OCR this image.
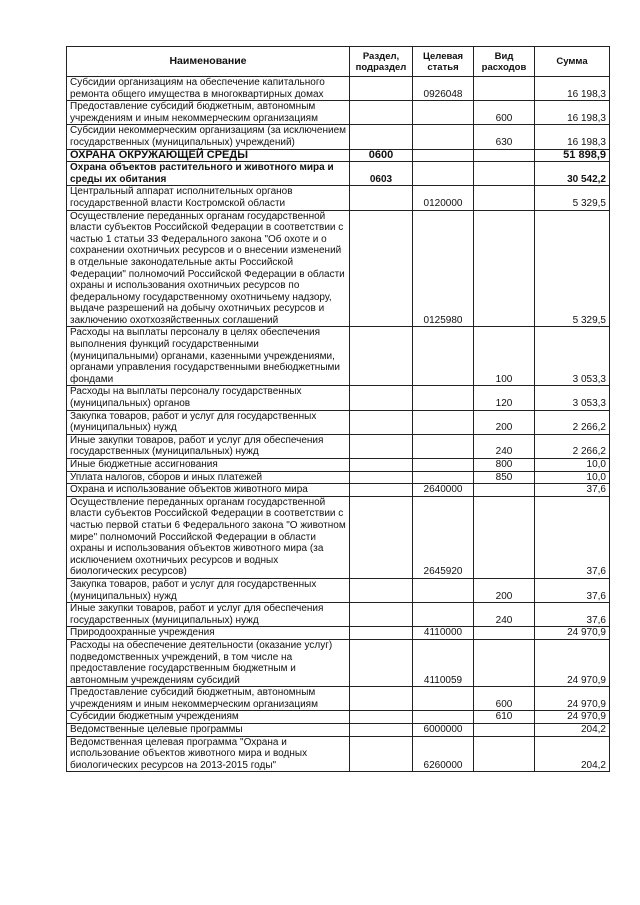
Наименование	Раздел, подраздел	Целевая статья	Вид расходов	Сумма
Субсидии организациям на обеспечение капитального ремонта общего имущества в многоквартирных домах		0926048		16 198,3
Предоставление субсидий бюджетным, автономным учреждениям и иным некоммерческим организациям			600	16 198,3
Субсидии некоммерческим организациям (за исключением государственных (муниципальных) учреждений)			630	16 198,3
ОХРАНА ОКРУЖАЮЩЕЙ СРЕДЫ	0600			51 898,9
Охрана объектов растительного и животного мира и среды их обитания	0603			30 542,2
Центральный аппарат исполнительных органов государственной власти Костромской области		0120000		5 329,5
Осуществление переданных органам государственной власти субъектов Российской Федерации в соответствии с частью 1 статьи 33 Федерального закона "Об охоте и о сохранении охотничьих ресурсов и о внесении изменений в отдельные законодательные акты Российской Федерации" полномочий Российской Федерации в области охраны и использования охотничьих ресурсов по федеральному государственному охотничьему надзору, выдаче разрешений на добычу охотничьих ресурсов и заключению охотхозяйственных соглашений		0125980		5 329,5
Расходы на выплаты персоналу в целях обеспечения выполнения функций государственными (муниципальными) органами, казенными учреждениями, органами управления государственными внебюджетными фондами			100	3 053,3
Расходы на выплаты персоналу государственных (муниципальных) органов			120	3 053,3
Закупка товаров, работ и услуг для государственных (муниципальных) нужд			200	2 266,2
Иные закупки товаров, работ и услуг для обеспечения государственных (муниципальных) нужд			240	2 266,2
Иные бюджетные ассигнования			800	10,0
Уплата налогов, сборов и иных платежей			850	10,0
Охрана и использование объектов животного мира		2640000		37,6
Осуществление переданных органам государственной власти субъектов Российской Федерации в соответствии с частью первой статьи 6 Федерального закона "О животном мире" полномочий Российской Федерации в области охраны и использования объектов животного мира (за исключением охотничьих ресурсов и водных биологических ресурсов)		2645920		37,6
Закупка товаров, работ и услуг для государственных (муниципальных) нужд			200	37,6
Иные закупки товаров, работ и услуг для обеспечения государственных (муниципальных) нужд			240	37,6
Природоохранные учреждения		4110000		24 970,9
Расходы на обеспечение деятельности (оказание услуг) подведомственных учреждений, в том числе на предоставление государственным бюджетным и автономным учреждениям субсидий		4110059		24 970,9
Предоставление субсидий бюджетным, автономным учреждениям и иным некоммерческим организациям			600	24 970,9
Субсидии бюджетным учреждениям			610	24 970,9
Ведомственные целевые программы		6000000		204,2
Ведомственная целевая программа "Охрана и использование объектов животного мира и водных биологических ресурсов на 2013-2015 годы"		6260000		204,2
